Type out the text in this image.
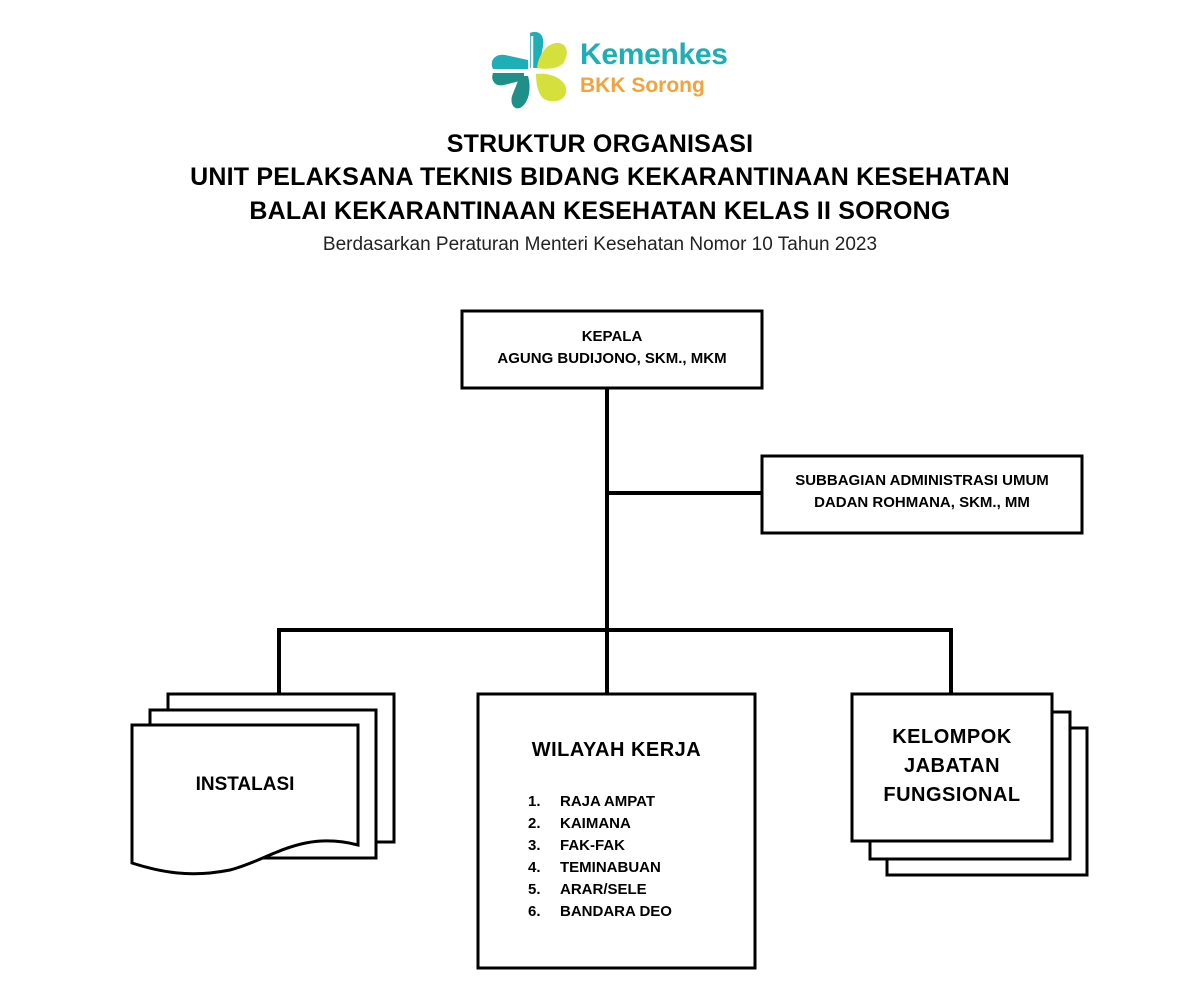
Kemenkes
BKK Sorong
STRUKTUR ORGANISASI
UNIT PELAKSANA TEKNIS BIDANG KEKARANTINAAN KESEHATAN
BALAI KEKARANTINAAN KESEHATAN KELAS II SORONG
Berdasarkan Peraturan Menteri Kesehatan Nomor 10 Tahun 2023
KEPALA
AGUNG BUDIJONO, SKM., MKM
SUBBAGIAN ADMINISTRASI UMUM
DADAN ROHMANA, SKM., MM
INSTALASI
WILAYAH KERJA
1. RAJA AMPAT
2. KAIMANA
3. FAK-FAK
4. TEMINABUAN
5. ARAR/SELE
6. BANDARA DEO
KELOMPOK
JABATAN
FUNGSIONAL
